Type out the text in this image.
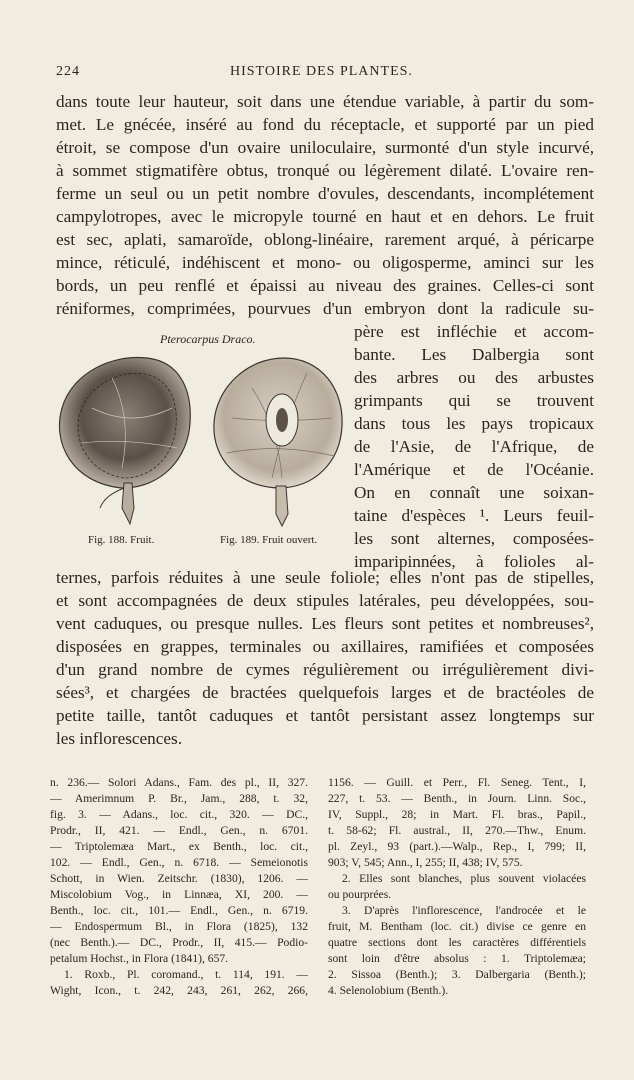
224	HISTOIRE DES PLANTES.
dans toute leur hauteur, soit dans une étendue variable, à partir du som-
met. Le gnécée, inséré au fond du réceptacle, et supporté par un pied
étroit, se compose d'un ovaire uniloculaire, surmonté d'un style incurvé,
à sommet stigmatifère obtus, tronqué ou légèrement dilaté. L'ovaire ren-
ferme un seul ou un petit nombre d'ovules, descendants, incomplétement
campylotropes, avec le micropyle tourné en haut et en dehors. Le fruit
est sec, aplati, samaroïde, oblong-linéaire, rarement arqué, à péricarpe
mince, réticulé, indéhiscent et mono- ou oligosperme, aminci sur les
bords, un peu renflé et épaissi au niveau des graines. Celles-ci sont
réniformes, comprimées, pourvues d'un embryon dont la radicule su-
père est infléchie et accom-
bante. Les Dalbergia sont
des arbres ou des arbustes
grimpants qui se trouvent
dans tous les pays tropicaux
de l'Asie, de l'Afrique, de
l'Amérique et de l'Océanie.
On en connaît une soixan-
taine d'espèces ¹. Leurs feuil-
les sont alternes, composées-
imparipinnées, à folioles al-
Pterocarpus Draco.
Fig. 188. Fruit.	Fig. 189. Fruit ouvert.
ternes, parfois réduites à une seule foliole; elles n'ont pas de stipelles,
et sont accompagnées de deux stipules latérales, peu développées, sou-
vent caduques, ou presque nulles. Les fleurs sont petites et nombreuses²,
disposées en grappes, terminales ou axillaires, ramifiées et composées
d'un grand nombre de cymes régulièrement ou irrégulièrement divi-
sées³, et chargées de bractées quelquefois larges et de bractéoles de
petite taille, tantôt caduques et tantôt persistant assez longtemps sur
les inflorescences.
n. 236.— Solori Adans., Fam. des pl., II, 327.
— Amerimnum P. Br., Jam., 288, t. 32,
fig. 3. — Adans., loc. cit., 320. — DC.,
Prodr., II, 421. — Endl., Gen., n. 6701.
— Triptolemæa Mart., ex Benth., loc. cit.,
102. — Endl., Gen., n. 6718. — Semeionotis
Schott, in Wien. Zeitschr. (1830), 1206. —
Miscolobium Vog., in Linnæa, XI, 200. —
Benth., loc. cit., 101.— Endl., Gen., n. 6719.
— Endospermum Bl., in Flora (1825), 132
(nec Benth.).— DC., Prodr., II, 415.— Podio-
petalum Hochst., in Flora (1841), 657.
1. Roxb., Pl. coromand., t. 114, 191. —
Wight, Icon., t. 242, 243, 261, 262, 266,
1156. — Guill. et Perr., Fl. Seneg. Tent., I,
227, t. 53. — Benth., in Journ. Linn. Soc.,
IV, Suppl., 28; in Mart. Fl. bras., Papil.,
t. 58-62; Fl. austral., II, 270.—Thw., Enum.
pl. Zeyl., 93 (part.).—Walp., Rep., I, 799; II,
903; V, 545; Ann., I, 255; II, 438; IV, 575.
2. Elles sont blanches, plus souvent violacées
ou pourprées.
3. D'après l'inflorescence, l'androcée et le
fruit, M. Bentham (loc. cit.) divise ce genre en
quatre sections dont les caractères différentiels
sont loin d'être absolus : 1. Triptolemæa;
2. Sissoa (Benth.); 3. Dalbergaria (Benth.);
4. Selenolobium (Benth.).
